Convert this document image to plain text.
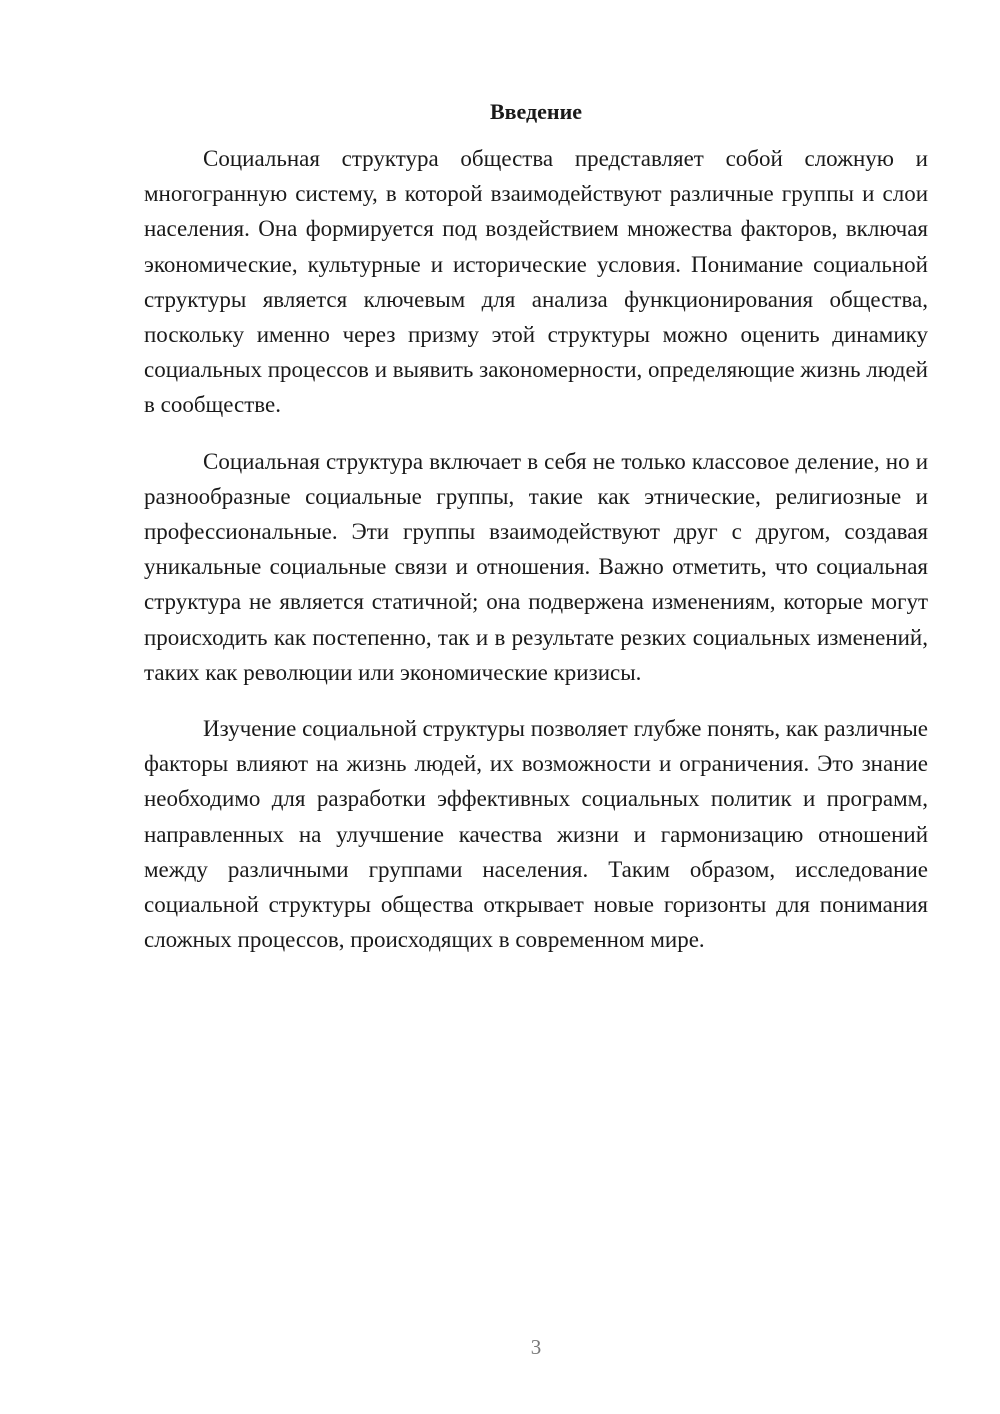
Введение

Социальная структура общества представляет собой сложную и многогранную систему, в которой взаимодействуют различные группы и слои населения. Она формируется под воздействием множества факторов, включая экономические, культурные и исторические условия. Понимание социальной структуры является ключевым для анализа функционирования общества, поскольку именно через призму этой структуры можно оценить динамику социальных процессов и выявить закономерности, определяющие жизнь людей в сообществе.

Социальная структура включает в себя не только классовое деление, но и разнообразные социальные группы, такие как этнические, религиозные и профессиональные. Эти группы взаимодействуют друг с другом, создавая уникальные социальные связи и отношения. Важно отметить, что социальная структура не является статичной; она подвержена изменениям, которые могут происходить как постепенно, так и в результате резких социальных изменений, таких как революции или экономические кризисы.

Изучение социальной структуры позволяет глубже понять, как различные факторы влияют на жизнь людей, их возможности и ограничения. Это знание необходимо для разработки эффективных социальных политик и программ, направленных на улучшение качества жизни и гармонизацию отношений между различными группами населения. Таким образом, исследование социальной структуры общества открывает новые горизонты для понимания сложных процессов, происходящих в современном мире.

3
